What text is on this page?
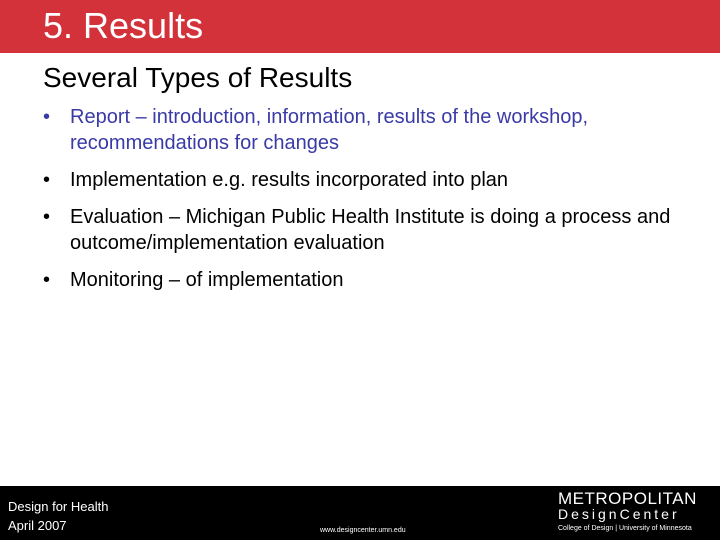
5. Results
Several Types of Results
• Report – introduction, information, results of the workshop, recommendations for changes
• Implementation e.g. results incorporated into plan
• Evaluation – Michigan Public Health Institute is doing a process and outcome/implementation evaluation
• Monitoring – of implementation
Design for Health
April 2007	www.designcenter.umn.edu
METROPOLITAN
DesignCenter
College of Design | University of Minnesota
